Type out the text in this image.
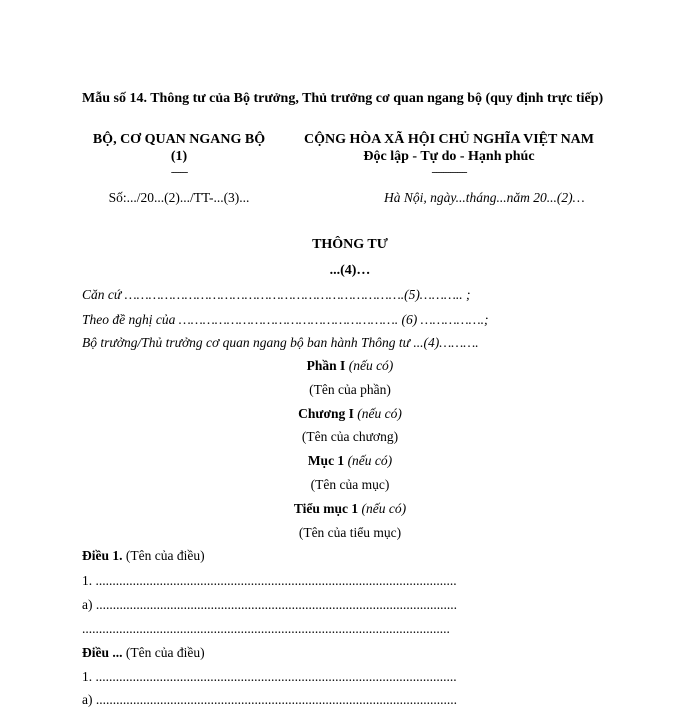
Mẫu số 14. Thông tư của Bộ trưởng, Thủ trưởng cơ quan ngang bộ (quy định trực tiếp)
BỘ, CƠ QUAN NGANG BỘ
(1)
-------
Số:.../20...(2).../TT-...(3)...
CỘNG HÒA XÃ HỘI CHỦ NGHĨA VIỆT NAM
Độc lập - Tự do - Hạnh phúc
---------------
Hà Nội, ngày...tháng...năm 20...(2)…
THÔNG TƯ
...(4)…
Căn cứ …………………………………………………………….(5)……….. ;
Theo đề nghị của ………………………………………………. (6) …………….;
Bộ trưởng/Thủ trưởng cơ quan ngang bộ ban hành Thông tư ...(4)……….
Phần I (nếu có)
(Tên của phần)
Chương I (nếu có)
(Tên của chương)
Mục 1 (nếu có)
(Tên của mục)
Tiểu mục 1 (nếu có)
(Tên của tiểu mục)
Điều 1. (Tên của điều)
1. ...........................................................................................................
a) ...........................................................................................................
.............................................................................................................
Điều ... (Tên của điều)
1. ...........................................................................................................
a) ...........................................................................................................
